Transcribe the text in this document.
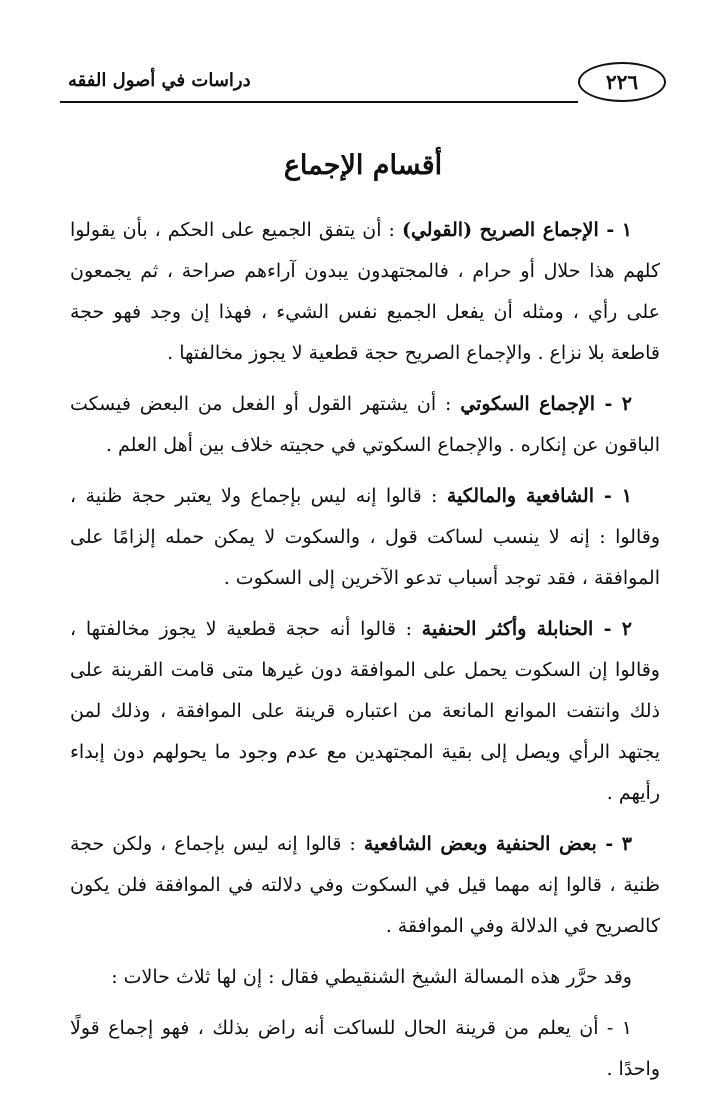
٢٢٦
دراسات في أصول الفقه
أقسام الإجماع

١ - الإجماع الصريح (القولي) : أن يتفق الجميع على الحكم ، بأن يقولوا كلهم هذا حلال أو حرام ، فالمجتهدون يبدون آراءهم صراحة ، ثم يجمعون على رأي ، ومثله أن يفعل الجميع نفس الشيء ، فهذا إن وجد فهو حجة قاطعة بلا نزاع . والإجماع الصريح حجة قطعية لا يجوز مخالفتها .

٢ - الإجماع السكوتي : أن يشتهر القول أو الفعل من البعض فيسكت الباقون عن إنكاره . والإجماع السكوتي في حجيته خلاف بين أهل العلم .

١ - الشافعية والمالكية : قالوا إنه ليس بإجماع ولا يعتبر حجة ظنية ، وقالوا : إنه لا ينسب لساكت قول ، والسكوت لا يمكن حمله إلزامًا على الموافقة ، فقد توجد أسباب تدعو الآخرين إلى السكوت .

٢ - الحنابلة وأكثر الحنفية : قالوا أنه حجة قطعية لا يجوز مخالفتها ، وقالوا إن السكوت يحمل على الموافقة دون غيرها متى قامت القرينة على ذلك وانتفت الموانع المانعة من اعتباره قرينة على الموافقة ، وذلك لمن يجتهد الرأي ويصل إلى بقية المجتهدين مع عدم وجود ما يحولهم دون إبداء رأيهم .

٣ - بعض الحنفية وبعض الشافعية : قالوا إنه ليس بإجماع ، ولكن حجة ظنية ، قالوا إنه مهما قيل في السكوت وفي دلالته في الموافقة فلن يكون كالصريح في الدلالة وفي الموافقة .

وقد حرَّر هذه المسالة الشيخ الشنقيطي فقال : إن لها ثلاث حالات :

١ - أن يعلم من قرينة الحال للساكت أنه راض بذلك ، فهو إجماع قولًا واحدًا .
